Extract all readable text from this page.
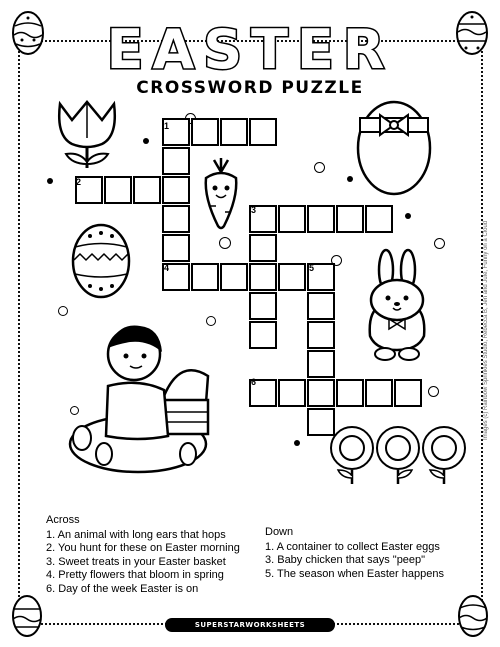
EASTER
CROSSWORD PUZZLE
1
2
3
4	5
6
Across
1. An animal with long ears that hops
2. You hunt for these on Easter morning
3. Sweet treats in your Easter basket
4. Pretty flowers that bloom in spring
6. Day of the week Easter is on
Down
1. A container to collect Easter eggs
3. Baby chicken that says "peep"
5. The season when Easter happens
SUPERSTARWORKSHEETS
Images (c) Rainbow Sprinkles Studio, Rebecca B, Jen and Jule, Funny on a Cloud
